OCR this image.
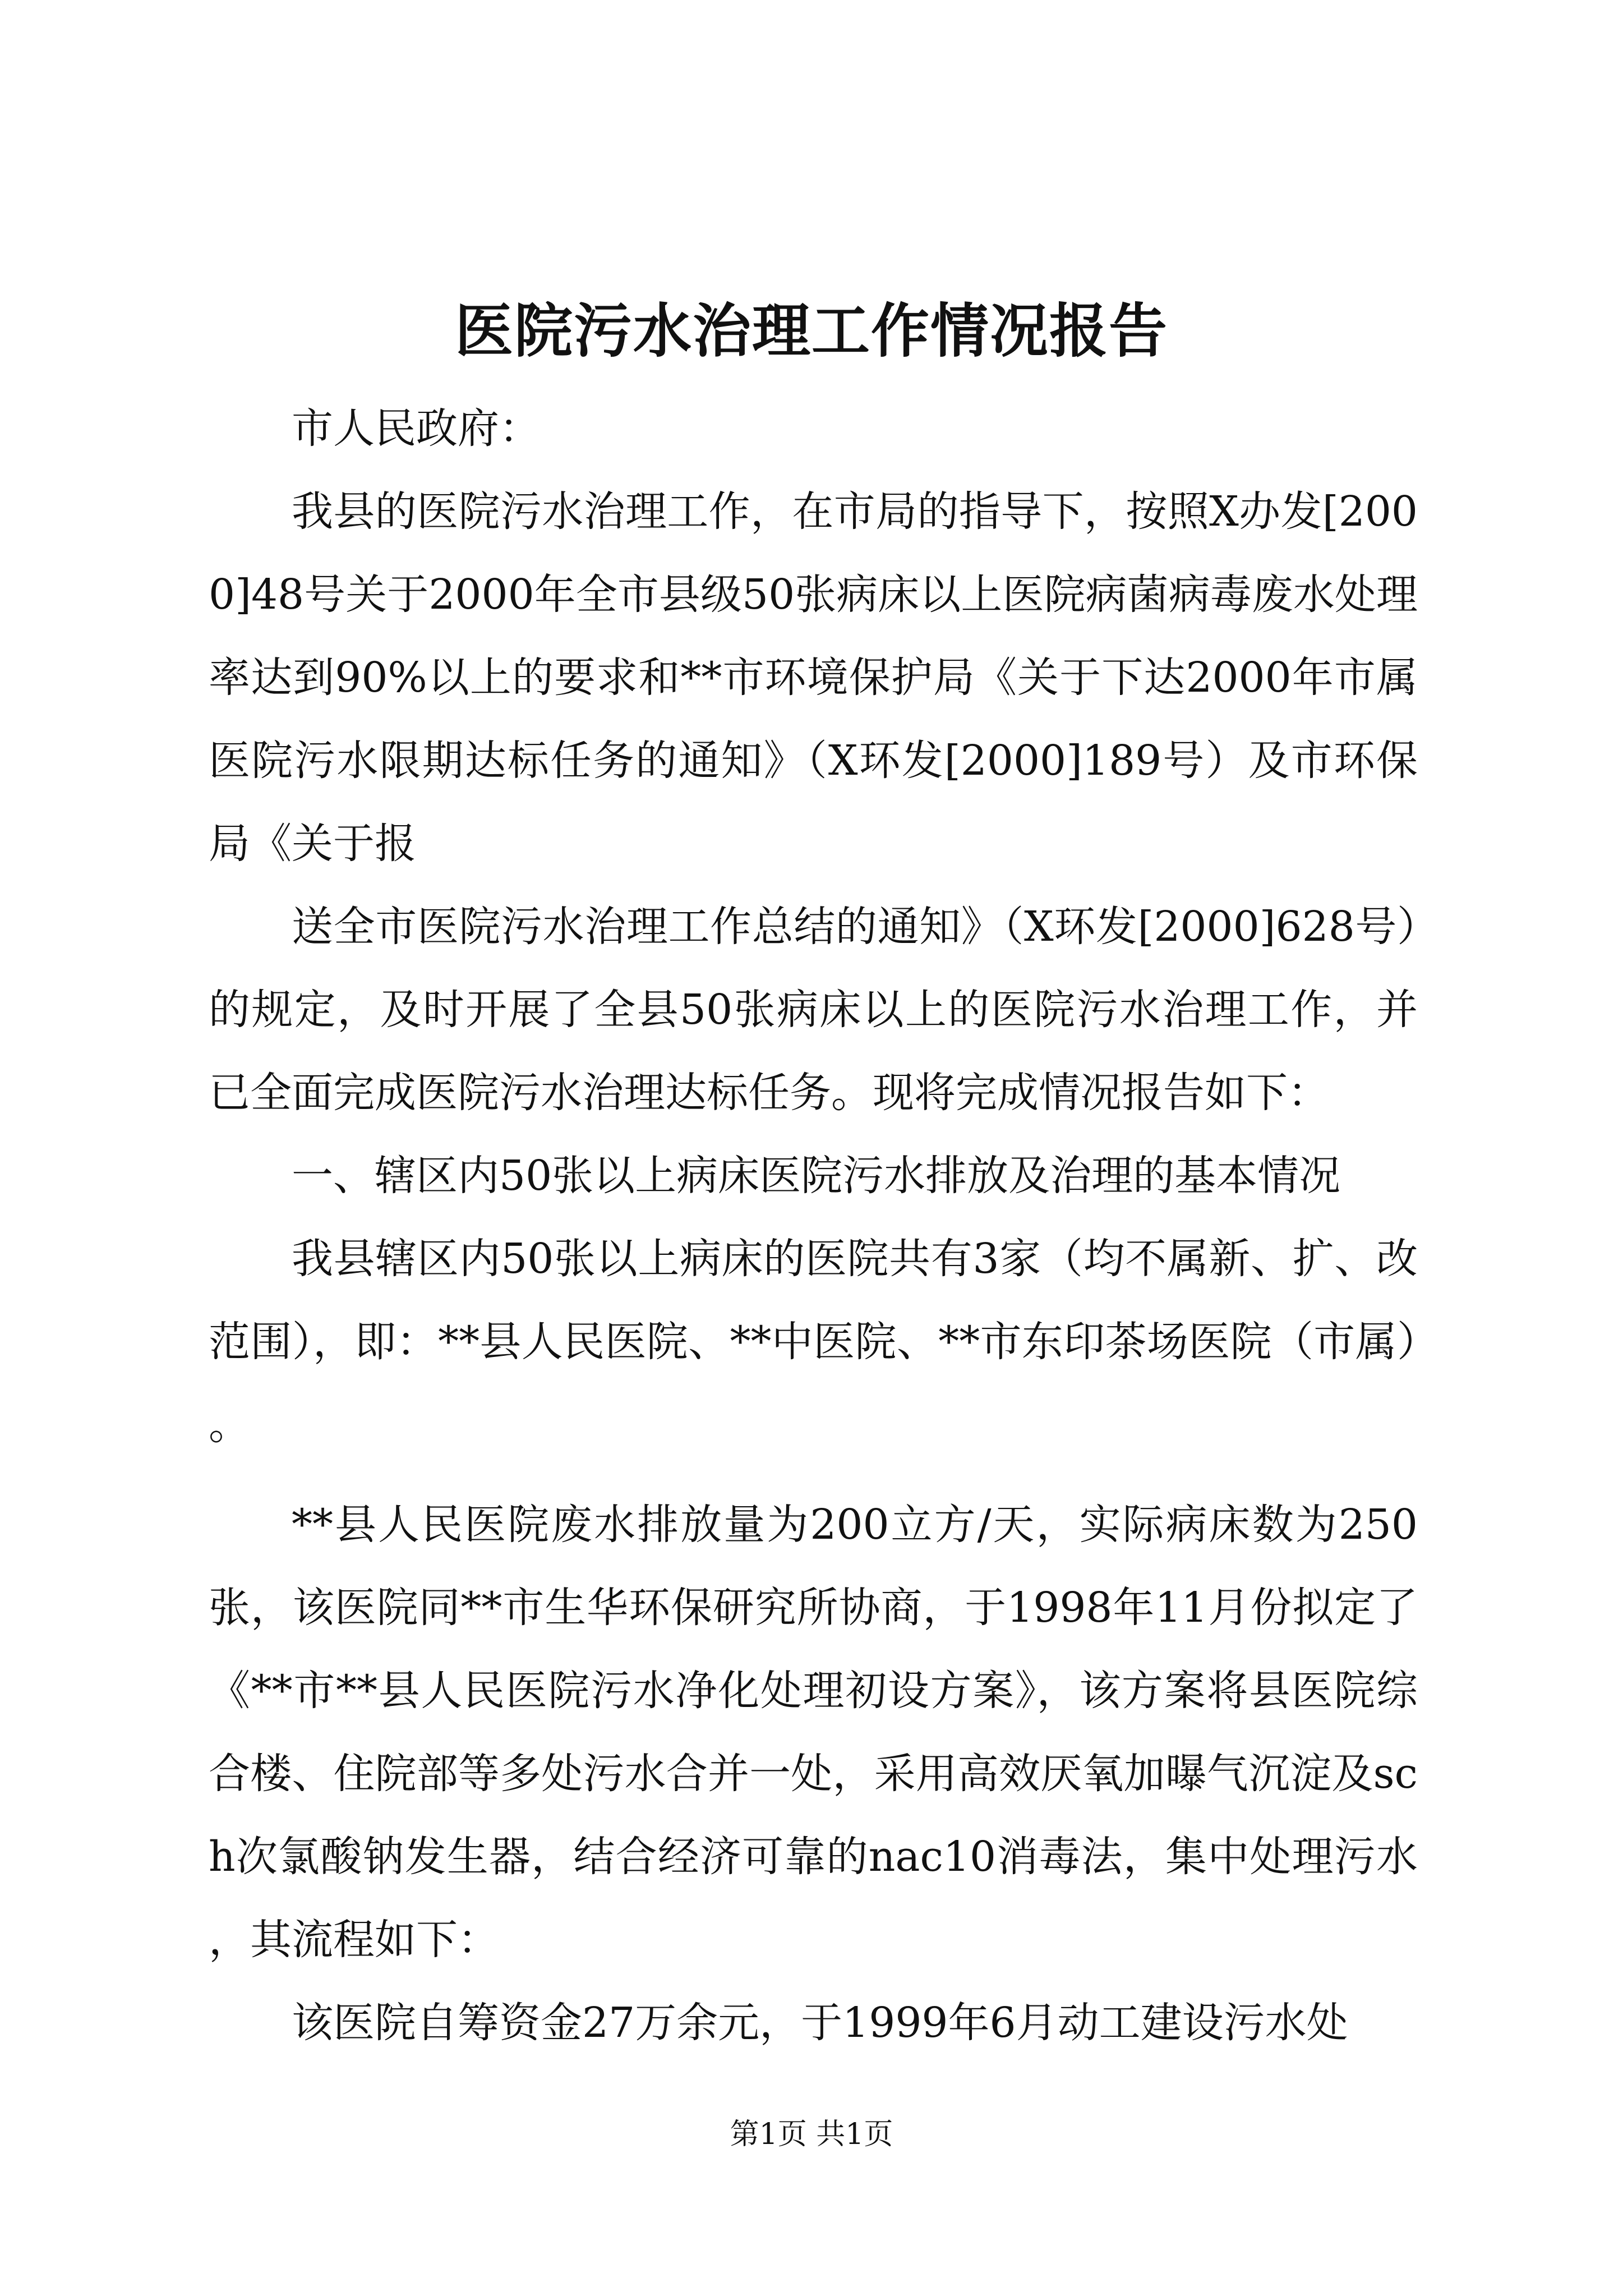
医院污水治理工作情况报告

市人民政府：

我县的医院污水治理工作，在市局的指导下，按照X办发[2000]48号关于2000年全市县级50张病床以上医院病菌病毒废水处理率达到90%以上的要求和**市环境保护局《关于下达2000年市属医院污水限期达标任务的通知》（X环发[2000]189号）及市环保局《关于报

送全市医院污水治理工作总结的通知》（X环发[2000]628号）的规定，及时开展了全县50张病床以上的医院污水治理工作，并已全面完成医院污水治理达标任务。现将完成情况报告如下：

一、辖区内50张以上病床医院污水排放及治理的基本情况

我县辖区内50张以上病床的医院共有3家（均不属新、扩、改范围），即：**县人民医院、**中医院、**市东印茶场医院（市属）。

**县人民医院废水排放量为200立方/天，实际病床数为250张，该医院同**市生华环保研究所协商，于1998年11月份拟定了《**市**县人民医院污水净化处理初设方案》，该方案将县医院综合楼、住院部等多处污水合并一处，采用高效厌氧加曝气沉淀及sch次氯酸钠发生器，结合经济可靠的nac10消毒法，集中处理污水，其流程如下：

该医院自筹资金27万余元，于1999年6月动工建设污水处

第1页 共1页
